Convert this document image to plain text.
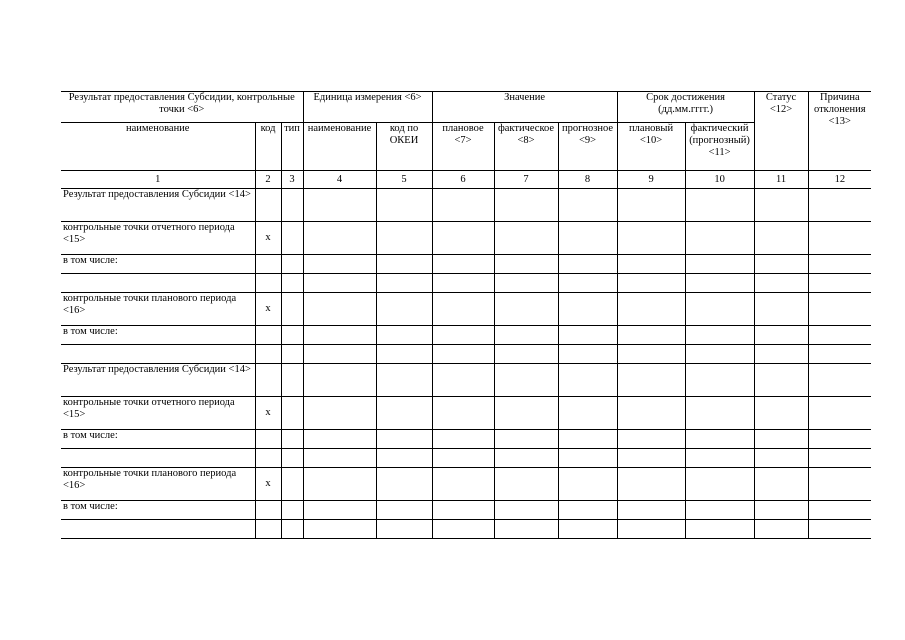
Результат предоставления Субсидии, контрольные точки <6>			Единица измерения <6>		Значение			Срок достижения (дд.мм.гггг.)		Статус <12>	Причина отклонения <13>
наименование	код	тип	наименование	код по ОКЕИ	плановое <7>	фактическое <8>	прогнозное <9>	плановый <10>	фактический (прогнозный) <11>		
1	2	3	4	5	6	7	8	9	10	11	12
Результат предоставления Субсидии <14>											
контрольные точки отчетного периода <15>	x										
в том числе:											

контрольные точки планового периода <16>	x										
в том числе:											

Результат предоставления Субсидии <14>											
контрольные точки отчетного периода <15>	x										
в том числе:											

контрольные точки планового периода <16>	x										
в том числе:											
